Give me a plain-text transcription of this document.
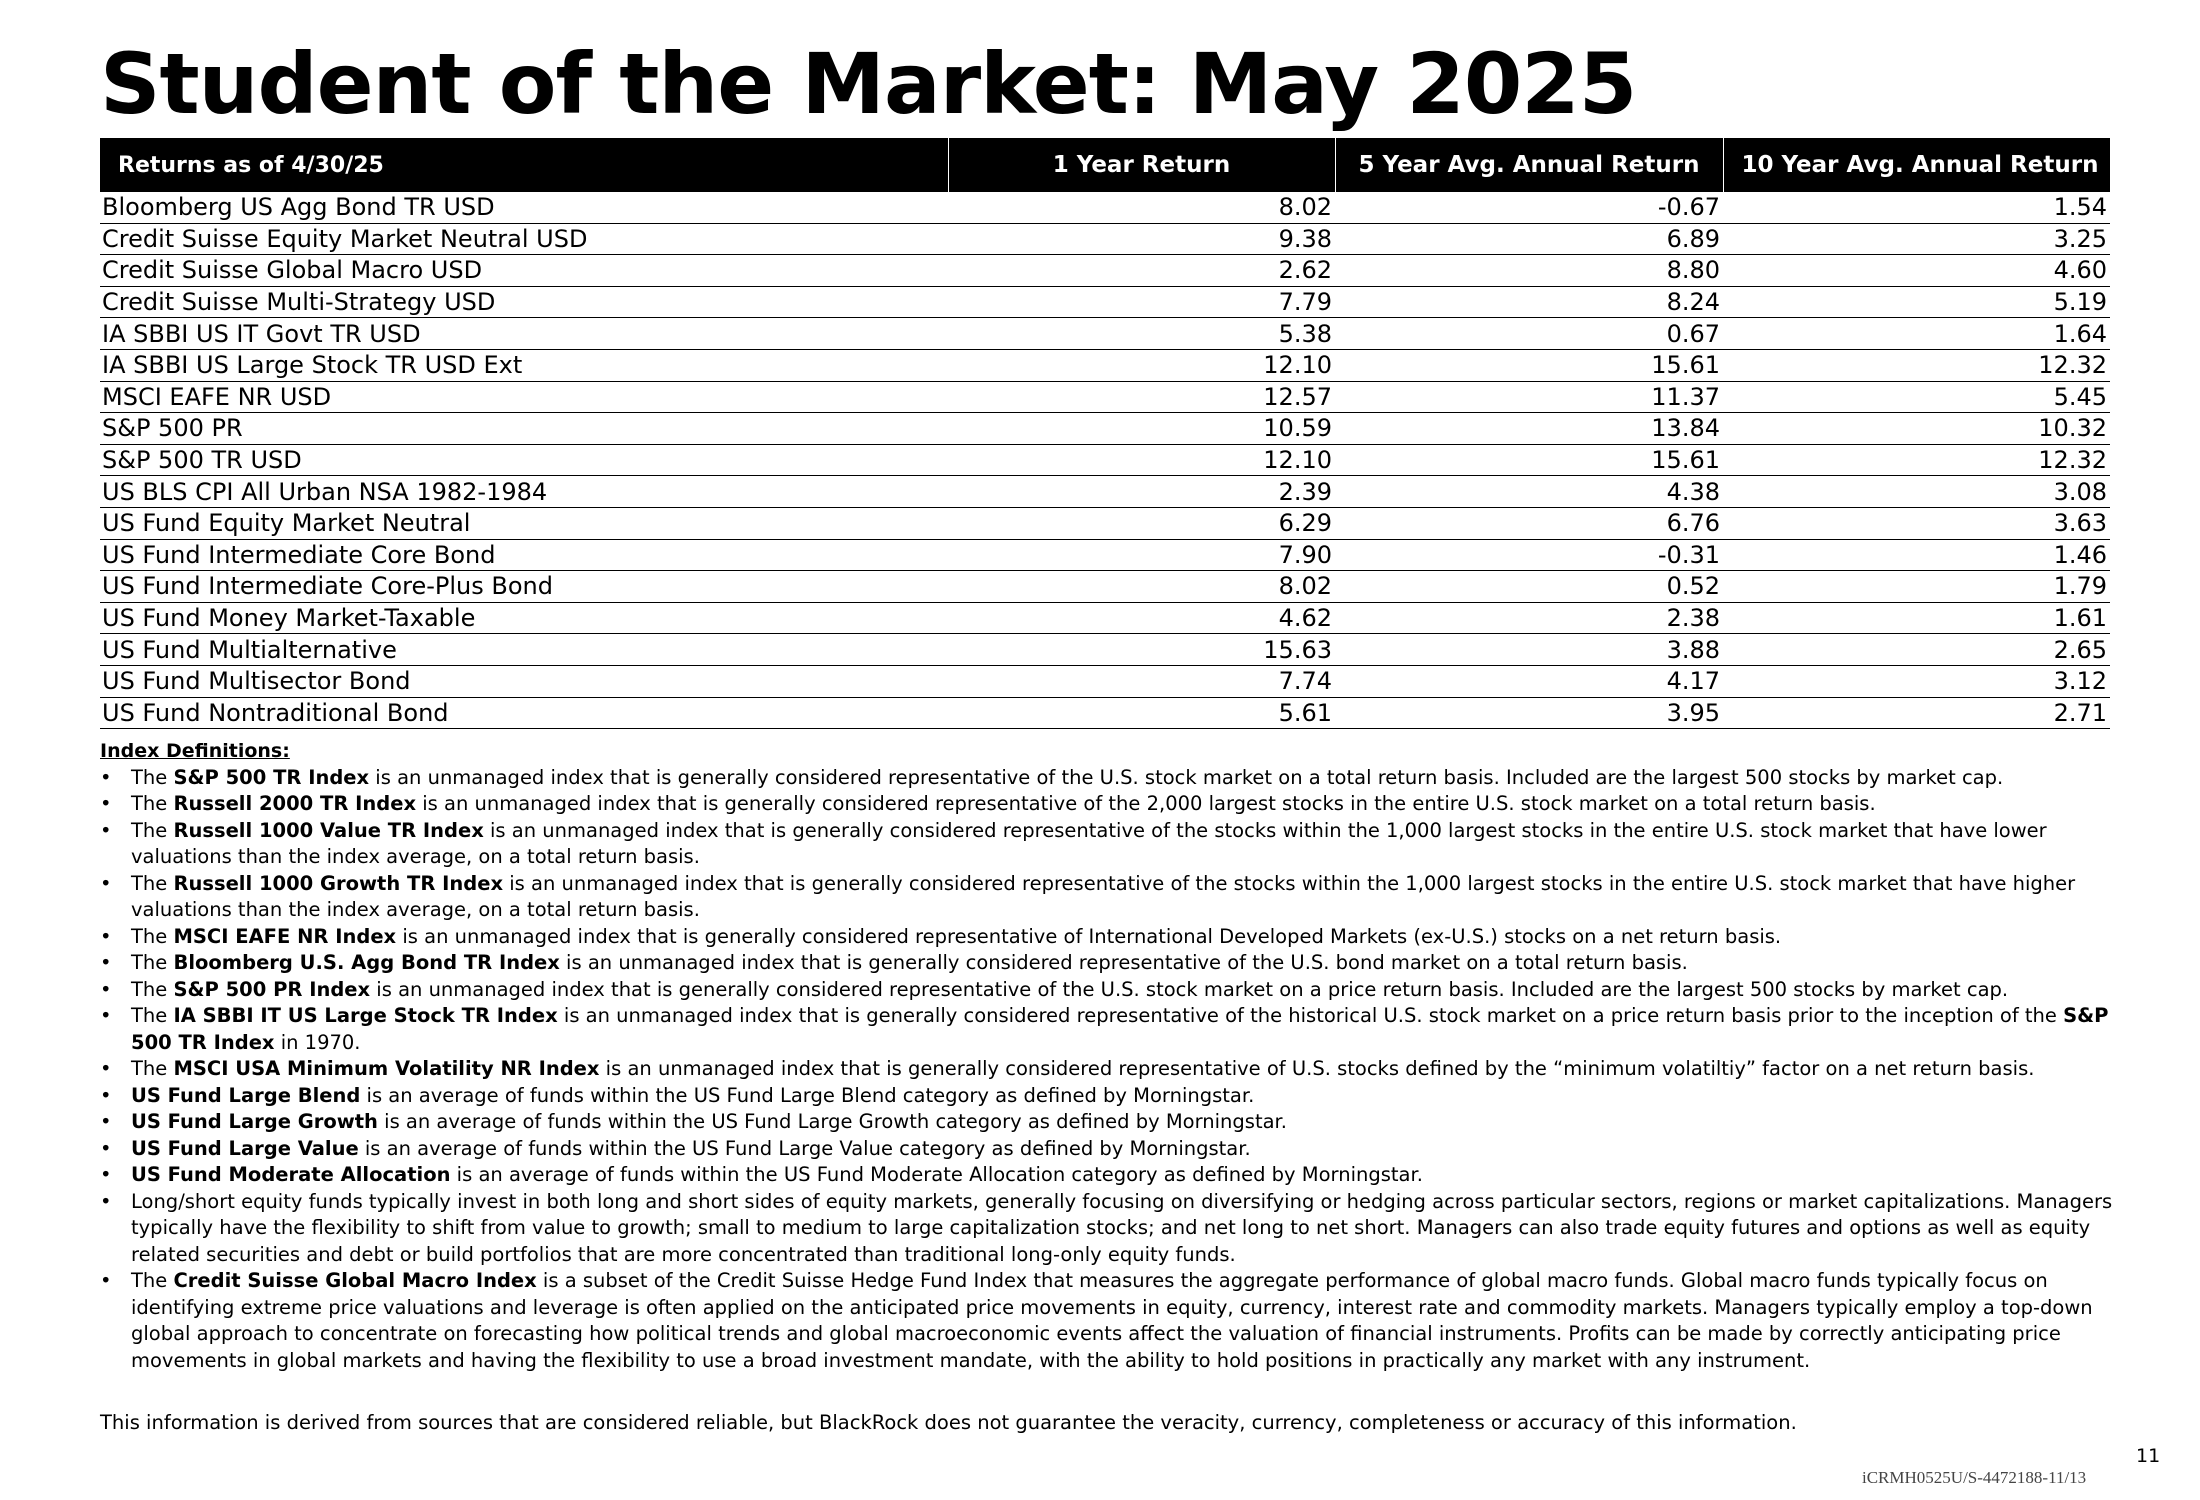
Student of the Market: May 2025
Returns as of 4/30/25	1 Year Return	5 Year Avg. Annual Return	10 Year Avg. Annual Return
Bloomberg US Agg Bond TR USD	8.02	-0.67	1.54
Credit Suisse Equity Market Neutral USD	9.38	6.89	3.25
Credit Suisse Global Macro USD	2.62	8.80	4.60
Credit Suisse Multi-Strategy USD	7.79	8.24	5.19
IA SBBI US IT Govt TR USD	5.38	0.67	1.64
IA SBBI US Large Stock TR USD Ext	12.10	15.61	12.32
MSCI EAFE NR USD	12.57	11.37	5.45
S&P 500 PR	10.59	13.84	10.32
S&P 500 TR USD	12.10	15.61	12.32
US BLS CPI All Urban NSA 1982-1984	2.39	4.38	3.08
US Fund Equity Market Neutral	6.29	6.76	3.63
US Fund Intermediate Core Bond	7.90	-0.31	1.46
US Fund Intermediate Core-Plus Bond	8.02	0.52	1.79
US Fund Money Market-Taxable	4.62	2.38	1.61
US Fund Multialternative	15.63	3.88	2.65
US Fund Multisector Bond	7.74	4.17	3.12
US Fund Nontraditional Bond	5.61	3.95	2.71
Index Definitions:
• The S&P 500 TR Index is an unmanaged index that is generally considered representative of the U.S. stock market on a total return basis. Included are the largest 500 stocks by market cap.
• The Russell 2000 TR Index is an unmanaged index that is generally considered representative of the 2,000 largest stocks in the entire U.S. stock market on a total return basis.
• The Russell 1000 Value TR Index is an unmanaged index that is generally considered representative of the stocks within the 1,000 largest stocks in the entire U.S. stock market that have lower valuations than the index average, on a total return basis.
• The Russell 1000 Growth TR Index is an unmanaged index that is generally considered representative of the stocks within the 1,000 largest stocks in the entire U.S. stock market that have higher valuations than the index average, on a total return basis.
• The MSCI EAFE NR Index is an unmanaged index that is generally considered representative of International Developed Markets (ex-U.S.) stocks on a net return basis.
• The Bloomberg U.S. Agg Bond TR Index is an unmanaged index that is generally considered representative of the U.S. bond market on a total return basis.
• The S&P 500 PR Index is an unmanaged index that is generally considered representative of the U.S. stock market on a price return basis. Included are the largest 500 stocks by market cap.
• The IA SBBI IT US Large Stock TR Index is an unmanaged index that is generally considered representative of the historical U.S. stock market on a price return basis prior to the inception of the S&P 500 TR Index in 1970.
• The MSCI USA Minimum Volatility NR Index is an unmanaged index that is generally considered representative of U.S. stocks defined by the “minimum volatiltiy” factor on a net return basis.
• US Fund Large Blend is an average of funds within the US Fund Large Blend category as defined by Morningstar.
• US Fund Large Growth is an average of funds within the US Fund Large Growth category as defined by Morningstar.
• US Fund Large Value is an average of funds within the US Fund Large Value category as defined by Morningstar.
• US Fund Moderate Allocation is an average of funds within the US Fund Moderate Allocation category as defined by Morningstar.
• Long/short equity funds typically invest in both long and short sides of equity markets, generally focusing on diversifying or hedging across particular sectors, regions or market capitalizations. Managers typically have the flexibility to shift from value to growth; small to medium to large capitalization stocks; and net long to net short. Managers can also trade equity futures and options as well as equity related securities and debt or build portfolios that are more concentrated than traditional long-only equity funds.
• The Credit Suisse Global Macro Index is a subset of the Credit Suisse Hedge Fund Index that measures the aggregate performance of global macro funds. Global macro funds typically focus on identifying extreme price valuations and leverage is often applied on the anticipated price movements in equity, currency, interest rate and commodity markets. Managers typically employ a top-down global approach to concentrate on forecasting how political trends and global macroeconomic events affect the valuation of financial instruments. Profits can be made by correctly anticipating price movements in global markets and having the flexibility to use a broad investment mandate, with the ability to hold positions in practically any market with any instrument.
This information is derived from sources that are considered reliable, but BlackRock does not guarantee the veracity, currency, completeness or accuracy of this information.
11
iCRMH0525U/S-4472188-11/13
